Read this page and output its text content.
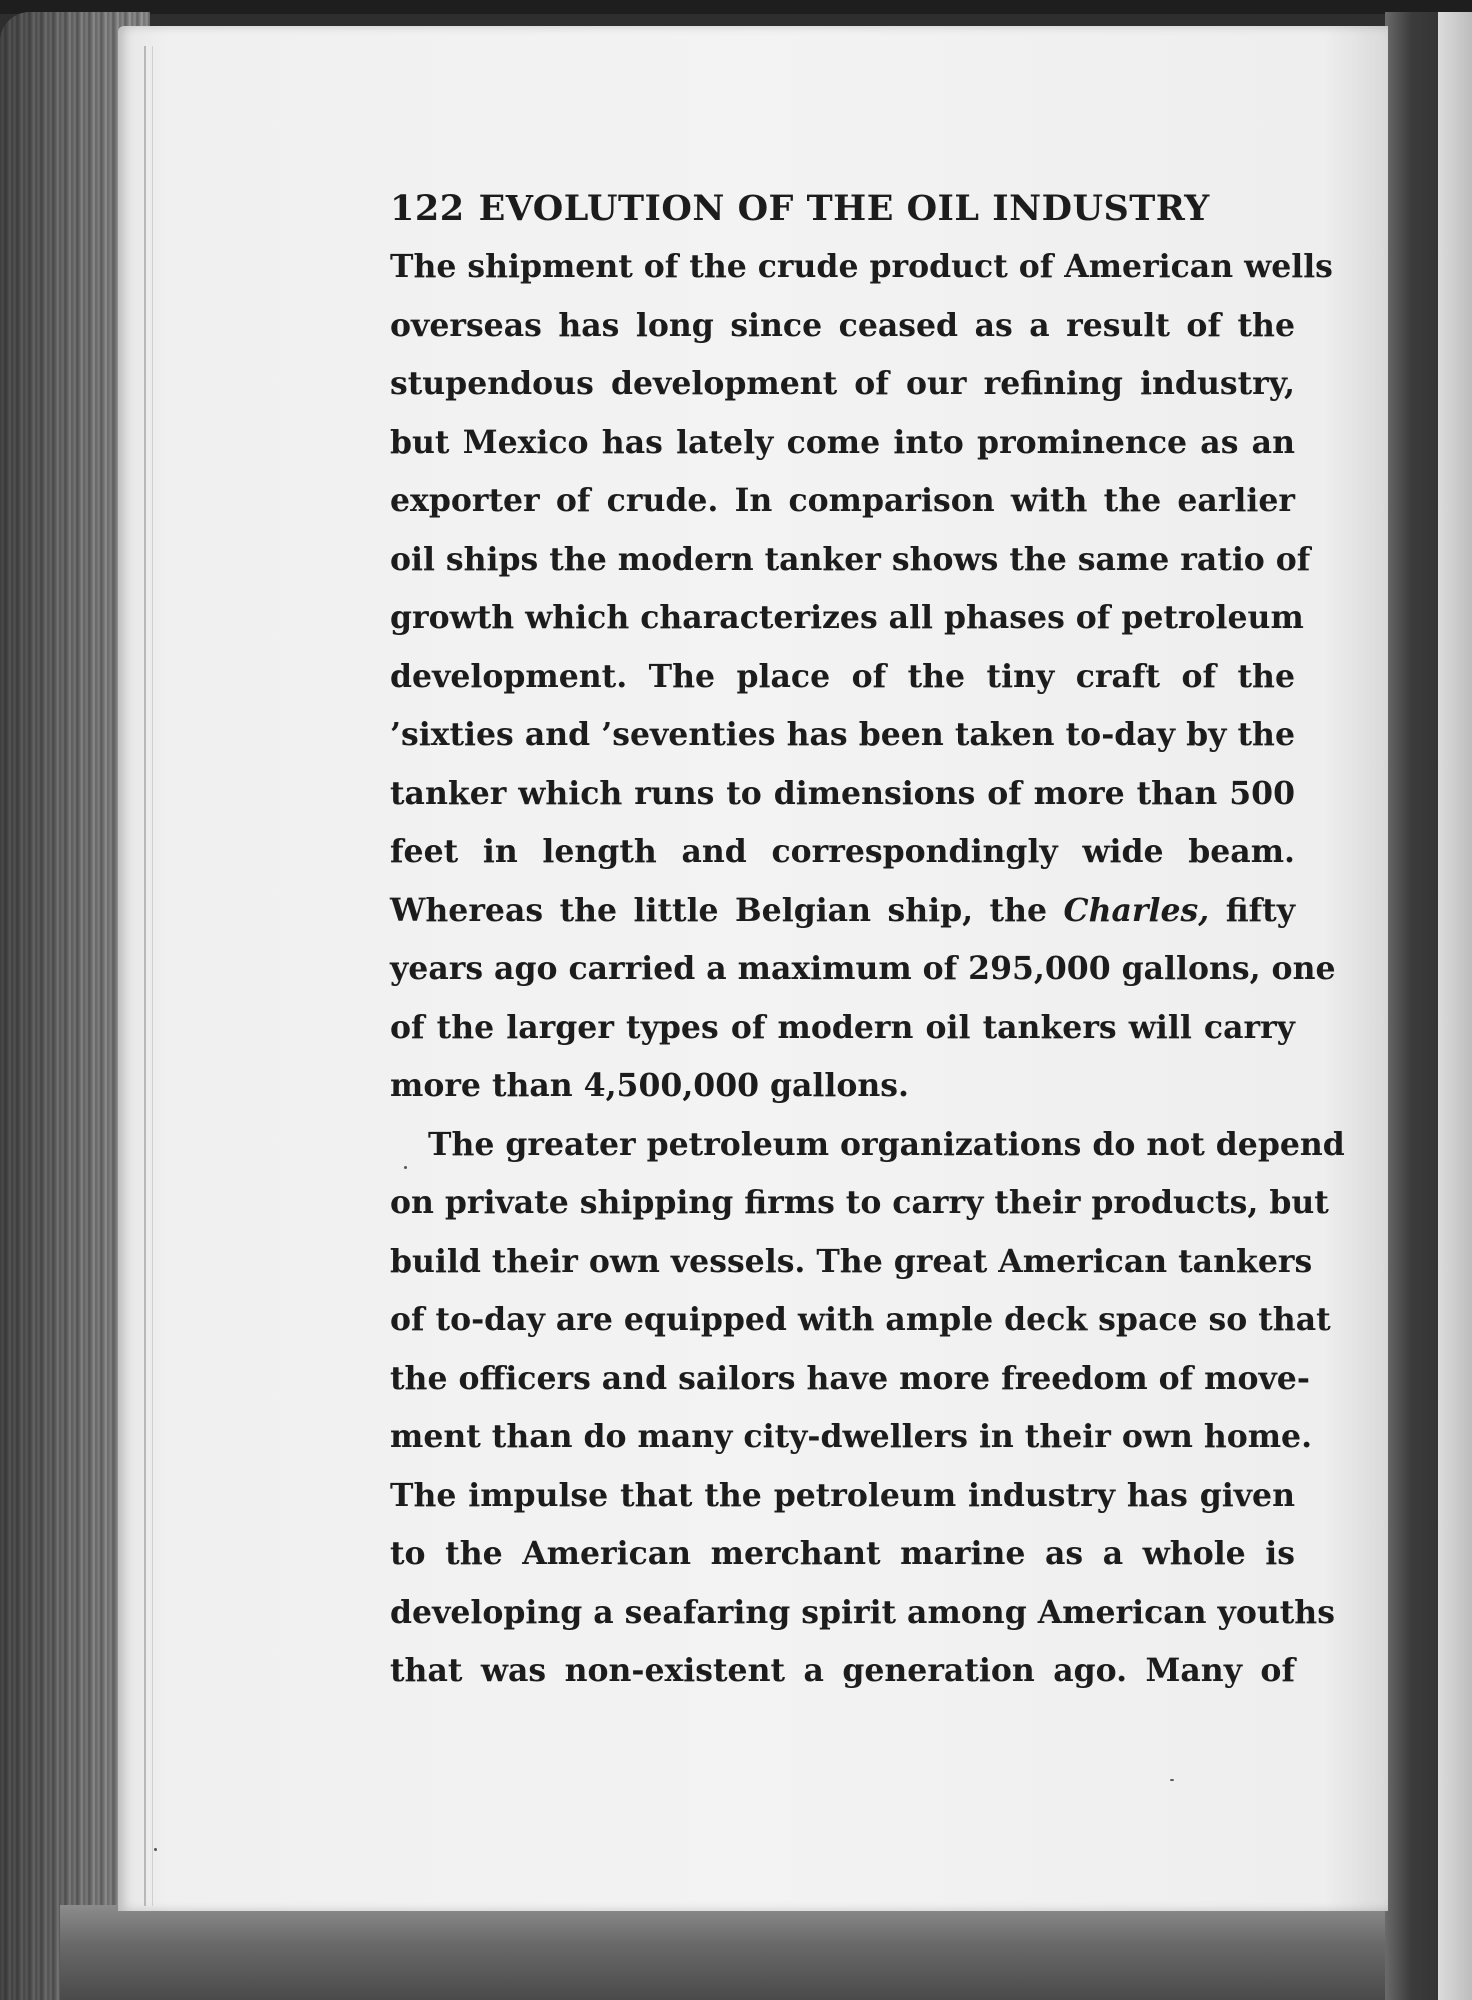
122 EVOLUTION OF THE OIL INDUSTRY
The shipment of the crude product of American wells
overseas has long since ceased as a result of the
stupendous development of our refining industry,
but Mexico has lately come into prominence as an
exporter of crude. In comparison with the earlier
oil ships the modern tanker shows the same ratio of
growth which characterizes all phases of petroleum
development. The place of the tiny craft of the
’sixties and ’seventies has been taken to-day by the
tanker which runs to dimensions of more than 500
feet in length and correspondingly wide beam.
Whereas the little Belgian ship, the Charles, fifty
years ago carried a maximum of 295,000 gallons, one
of the larger types of modern oil tankers will carry
more than 4,500,000 gallons.
The greater petroleum organizations do not depend
on private shipping firms to carry their products, but
build their own vessels. The great American tankers
of to-day are equipped with ample deck space so that
the officers and sailors have more freedom of move-
ment than do many city-dwellers in their own home.
The impulse that the petroleum industry has given
to the American merchant marine as a whole is
developing a seafaring spirit among American youths
that was non-existent a generation ago. Many of
